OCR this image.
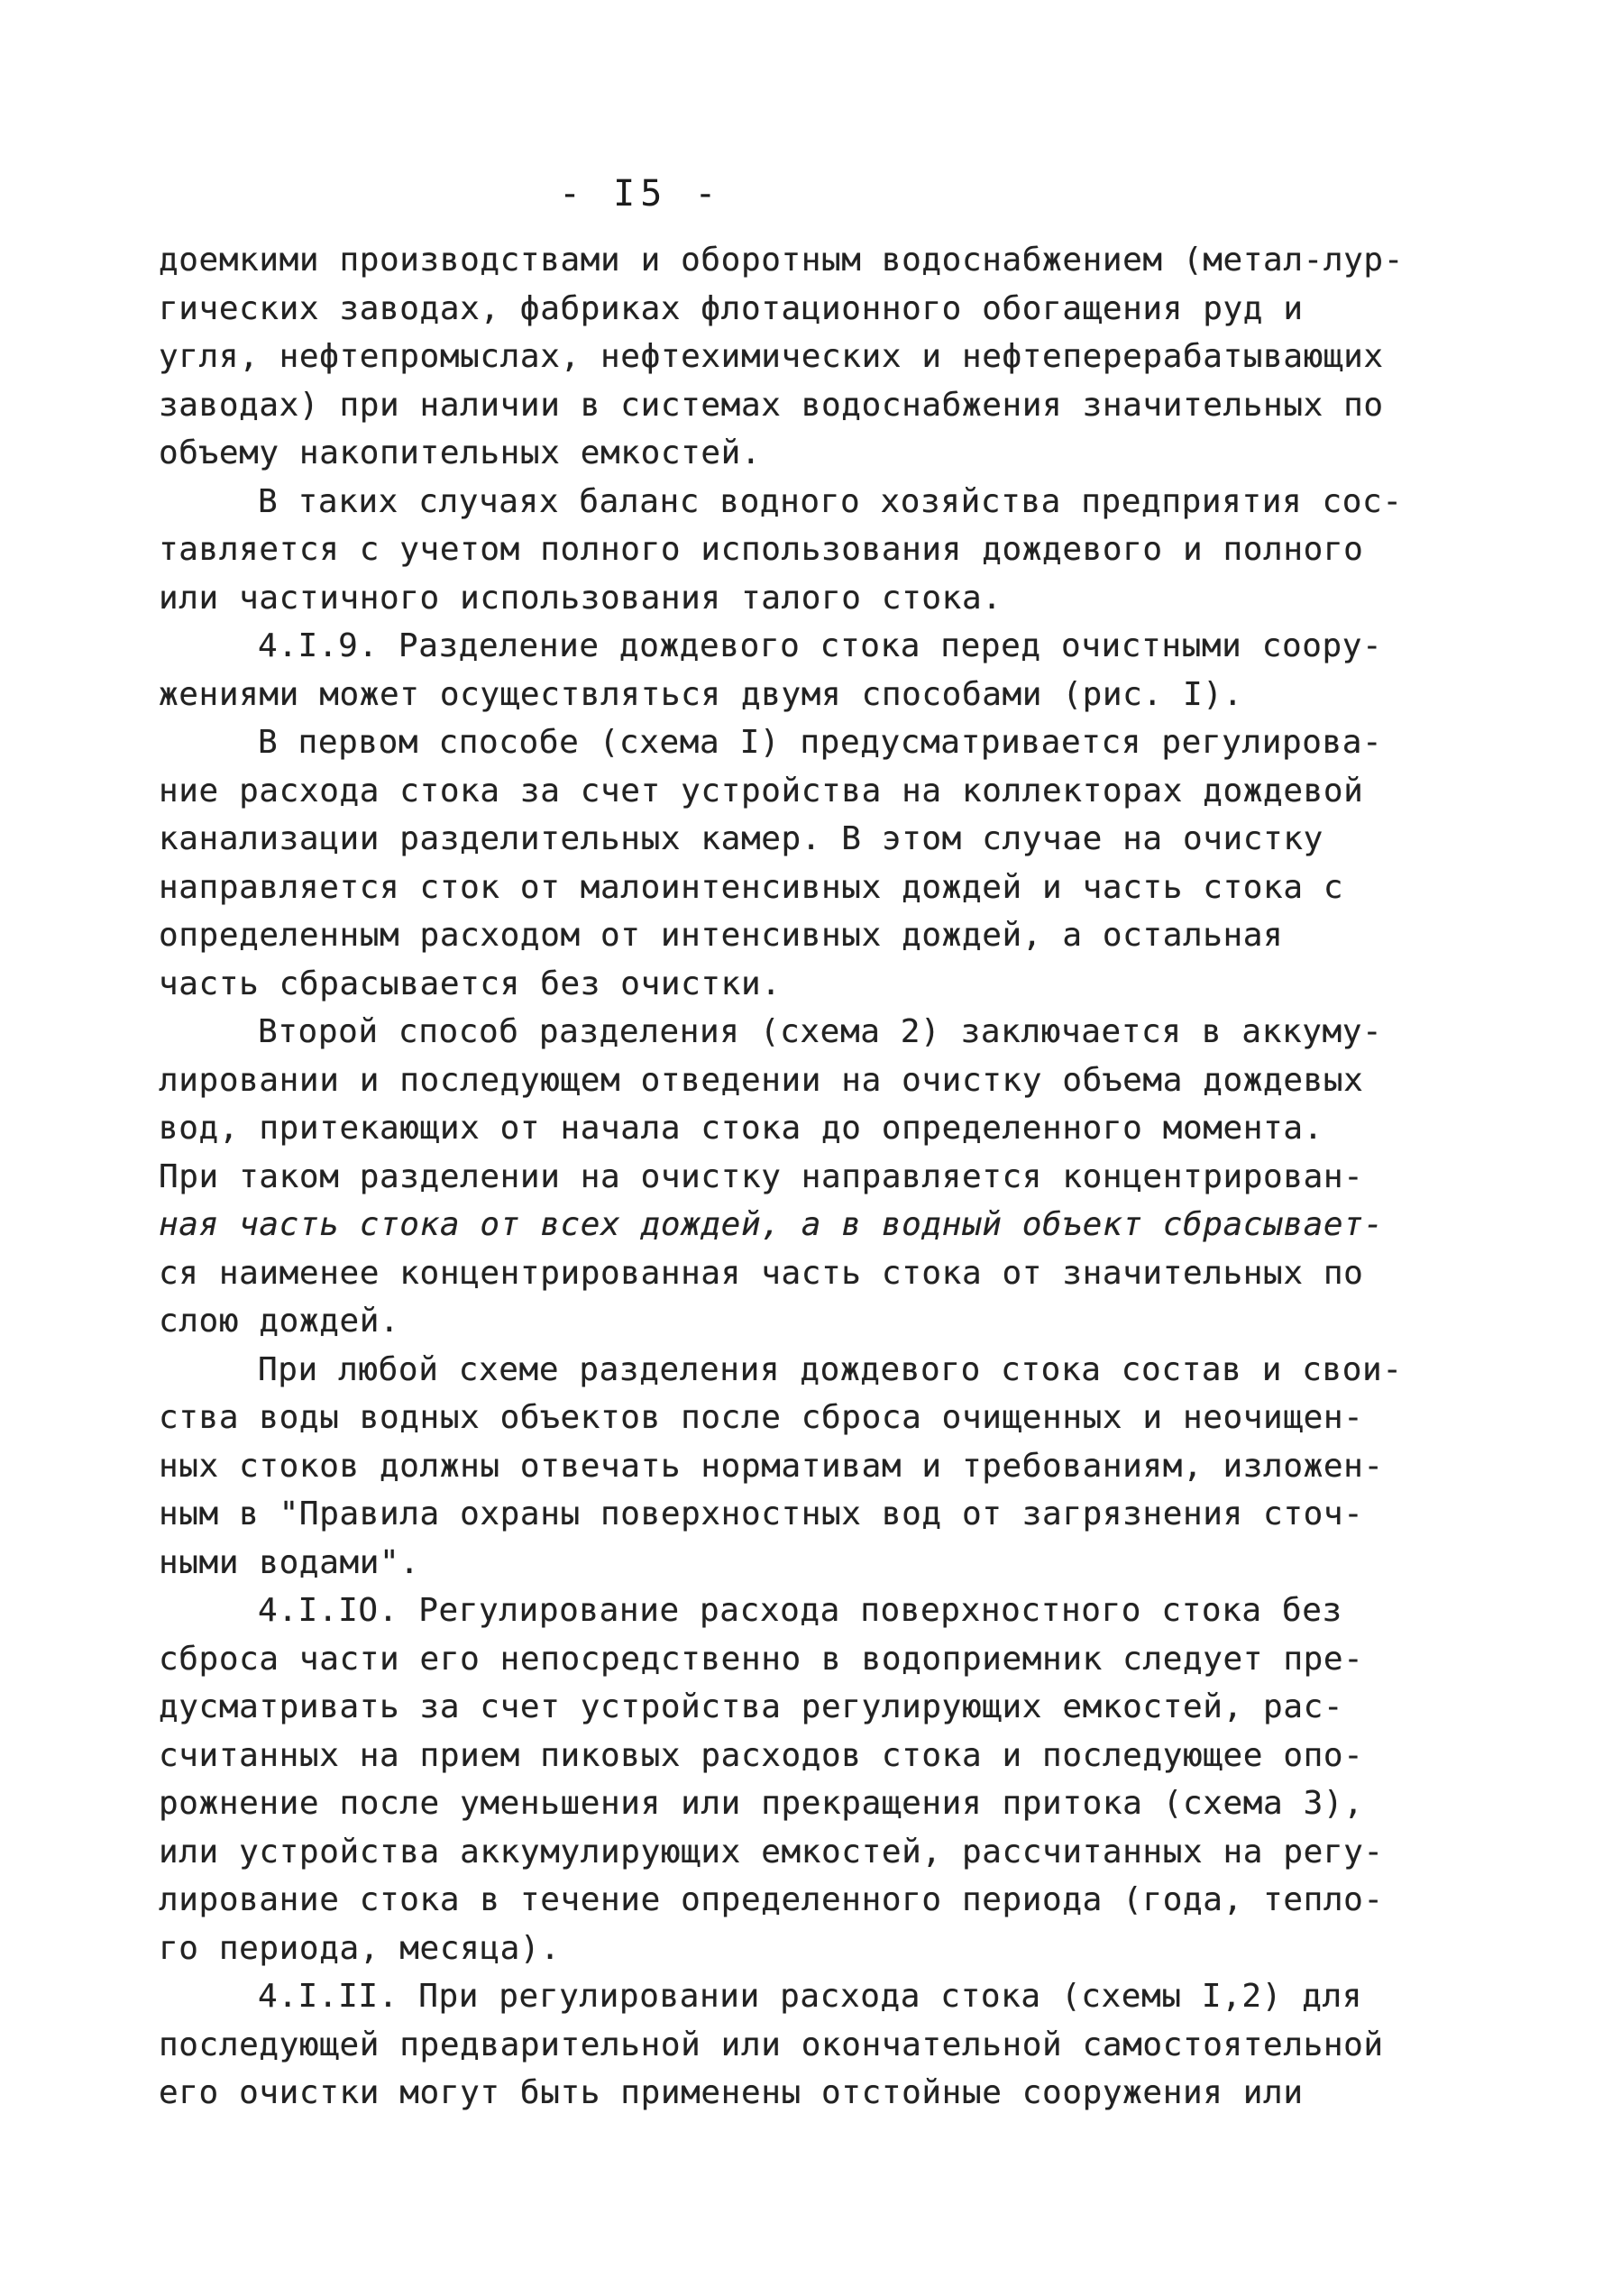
- I5 -
доемкими производствами и оборотным водоснабжением (метал-лур-
гических заводах, фабриках флотационного обогащения руд и
угля, нефтепромыслах, нефтехимических и нефтеперерабатывающих
заводах) при наличии в системах водоснабжения значительных по
объему накопительных емкостей.
В таких случаях баланс водного хозяйства предприятия сос-
тавляется с учетом полного использования дождевого и полного
или частичного использования талого стока.
4.I.9. Разделение дождевого стока перед очистными соору-
жениями может осуществляться двумя способами (рис. I).
В первом способе (схема I) предусматривается регулирова-
ние расхода стока за счет устройства на коллекторах дождевой
канализации разделительных камер. В этом случае на очистку
направляется сток от малоинтенсивных дождей и часть стока с
определенным расходом от интенсивных дождей, а остальная
часть сбрасывается без очистки.
Второй способ разделения (схема 2) заключается в аккуму-
лировании и последующем отведении на очистку объема дождевых
вод, притекающих от начала стока до определенного момента.
При таком разделении на очистку направляется концентрирован-
ная часть стока от всех дождей, а в водный объект сбрасывает-
ся наименее концентрированная часть стока от значительных по
слою дождей.
При любой схеме разделения дождевого стока состав и свои-
ства воды водных объектов после сброса очищенных и неочищен-
ных стоков должны отвечать нормативам и требованиям, изложен-
ным в "Правила охраны поверхностных вод от загрязнения сточ-
ными водами".
4.I.IO. Регулирование расхода поверхностного стока без
сброса части его непосредственно в водоприемник следует пре-
дусматривать за счет устройства регулирующих емкостей, рас-
считанных на прием пиковых расходов стока и последующее опо-
рожнение после уменьшения или прекращения притока (схема 3),
или устройства аккумулирующих емкостей, рассчитанных на регу-
лирование стока в течение определенного периода (года, тепло-
го периода, месяца).
4.I.II. При регулировании расхода стока (схемы I,2) для
последующей предварительной или окончательной самостоятельной
его очистки могут быть применены отстойные сооружения или
